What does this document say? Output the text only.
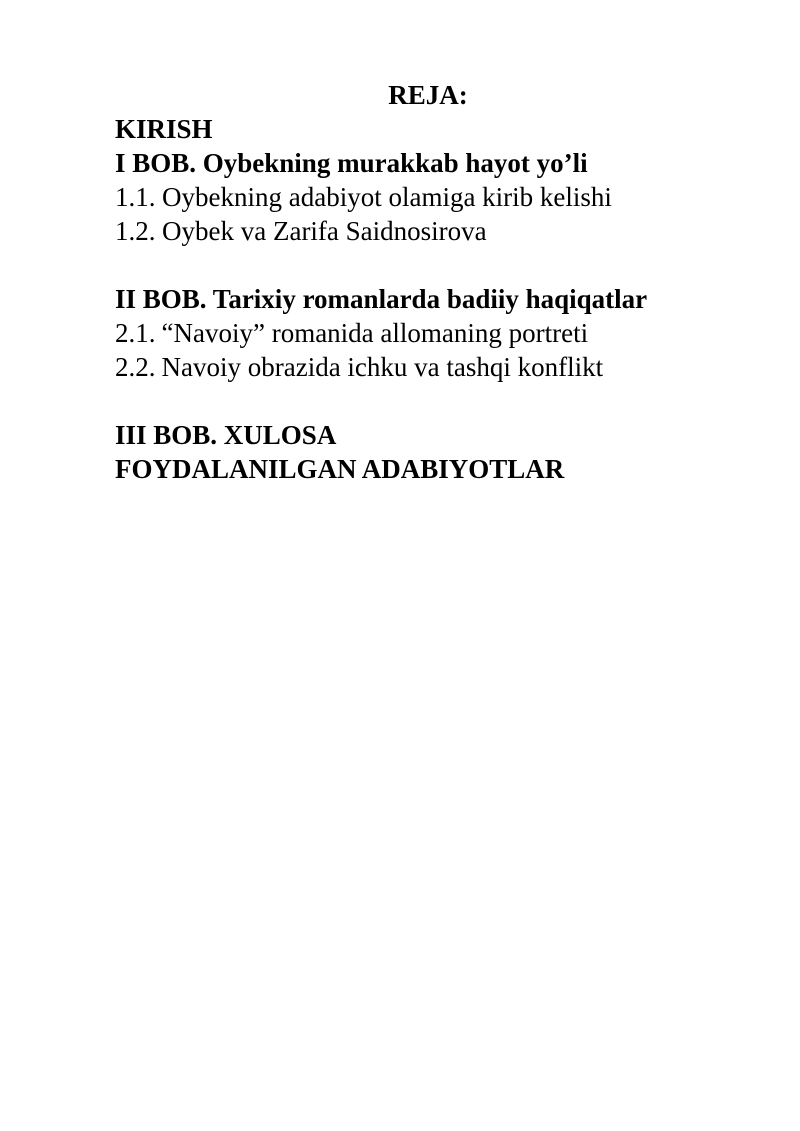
REJA:
KIRISH
I BOB. Oybekning murakkab hayot yo’li
1.1. Oybekning adabiyot olamiga kirib kelishi
1.2. Oybek va Zarifa Saidnosirova
II BOB. Tarixiy romanlarda badiiy haqiqatlar
2.1. “Navoiy” romanida allomaning portreti
2.2. Navoiy obrazida ichku va tashqi konflikt
III BOB. XULOSA
FOYDALANILGAN ADABIYOTLAR
